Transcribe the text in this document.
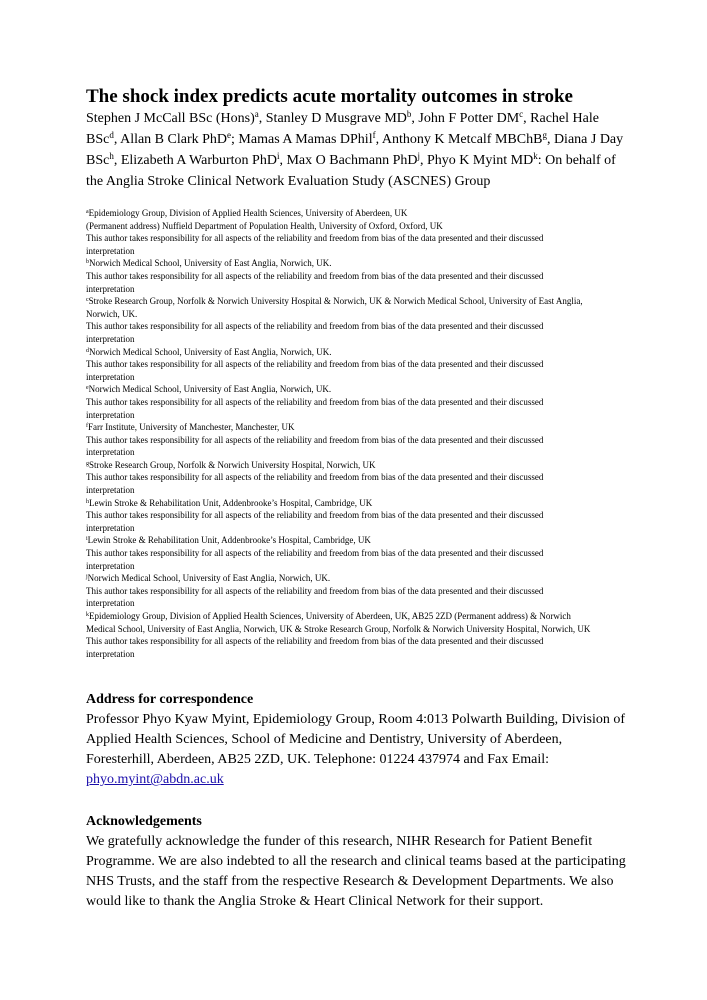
The shock index predicts acute mortality outcomes in stroke

Stephen J McCall BSc (Hons)$^a$, Stanley D Musgrave $MD^b$, John F Potter $DM^c$, Rachel Hale BSc$^d$, Allan B Clark PhD$^e$; Mamas A Mamas DPhil$^f$, Anthony K Metcalf MBChB$^g$, Diana J Day BSc$^h$, Elizabeth A Warburton PhD$^i$, Max O Bachmann PhD$^j$, Phyo K Myint $MD^k$: On behalf of the Anglia Stroke Clinical Network Evaluation Study (ASCNES) Group

$^a$Epidemiology Group, Division of Applied Health Sciences, University of Aberdeen, UK
(Permanent address) Nuffield Department of Population Health, University of Oxford, Oxford, UK
This author takes responsibility for all aspects of the reliability and freedom from bias of the data presented and their discussed
interpretation
$^b$Norwich Medical School, University of East Anglia, Norwich, UK.
This author takes responsibility for all aspects of the reliability and freedom from bias of the data presented and their discussed
interpretation
$^c$Stroke Research Group, Norfolk & Norwich University Hospital & Norwich, UK & Norwich Medical School, University of East Anglia,
Norwich, UK.
This author takes responsibility for all aspects of the reliability and freedom from bias of the data presented and their discussed
interpretation
$^d$Norwich Medical School, University of East Anglia, Norwich, UK.
This author takes responsibility for all aspects of the reliability and freedom from bias of the data presented and their discussed
interpretation
$^e$Norwich Medical School, University of East Anglia, Norwich, UK.
This author takes responsibility for all aspects of the reliability and freedom from bias of the data presented and their discussed
interpretation
$^f$Farr Institute, University of Manchester, Manchester, UK
This author takes responsibility for all aspects of the reliability and freedom from bias of the data presented and their discussed
interpretation
$^g$Stroke Research Group, Norfolk & Norwich University Hospital, Norwich, UK
This author takes responsibility for all aspects of the reliability and freedom from bias of the data presented and their discussed
interpretation
$^h$Lewin Stroke & Rehabilitation Unit, Addenbrooke’s Hospital, Cambridge, UK
This author takes responsibility for all aspects of the reliability and freedom from bias of the data presented and their discussed
interpretation
$^i$Lewin Stroke & Rehabilitation Unit, Addenbrooke’s Hospital, Cambridge, UK
This author takes responsibility for all aspects of the reliability and freedom from bias of the data presented and their discussed
interpretation
$^j$Norwich Medical School, University of East Anglia, Norwich, UK.
This author takes responsibility for all aspects of the reliability and freedom from bias of the data presented and their discussed
interpretation
$^k$Epidemiology Group, Division of Applied Health Sciences, University of Aberdeen, UK, AB25 2ZD (Permanent address) & Norwich
Medical School, University of East Anglia, Norwich, UK & Stroke Research Group, Norfolk & Norwich University Hospital, Norwich, UK
This author takes responsibility for all aspects of the reliability and freedom from bias of the data presented and their discussed
interpretation

Address for correspondence

Professor Phyo Kyaw Myint, Epidemiology Group, Room 4:013 Polwarth Building, Division of Applied Health Sciences, School of Medicine and Dentistry, University of Aberdeen, Foresterhill, Aberdeen, AB25 2ZD, UK. Telephone: 01224 437974 and Fax Email: phyo.myint@abdn.ac.uk

Acknowledgements

We gratefully acknowledge the funder of this research, NIHR Research for Patient Benefit Programme. We are also indebted to all the research and clinical teams based at the participating NHS Trusts, and the staff from the respective Research & Development Departments. We also would like to thank the Anglia Stroke & Heart Clinical Network for their support.
